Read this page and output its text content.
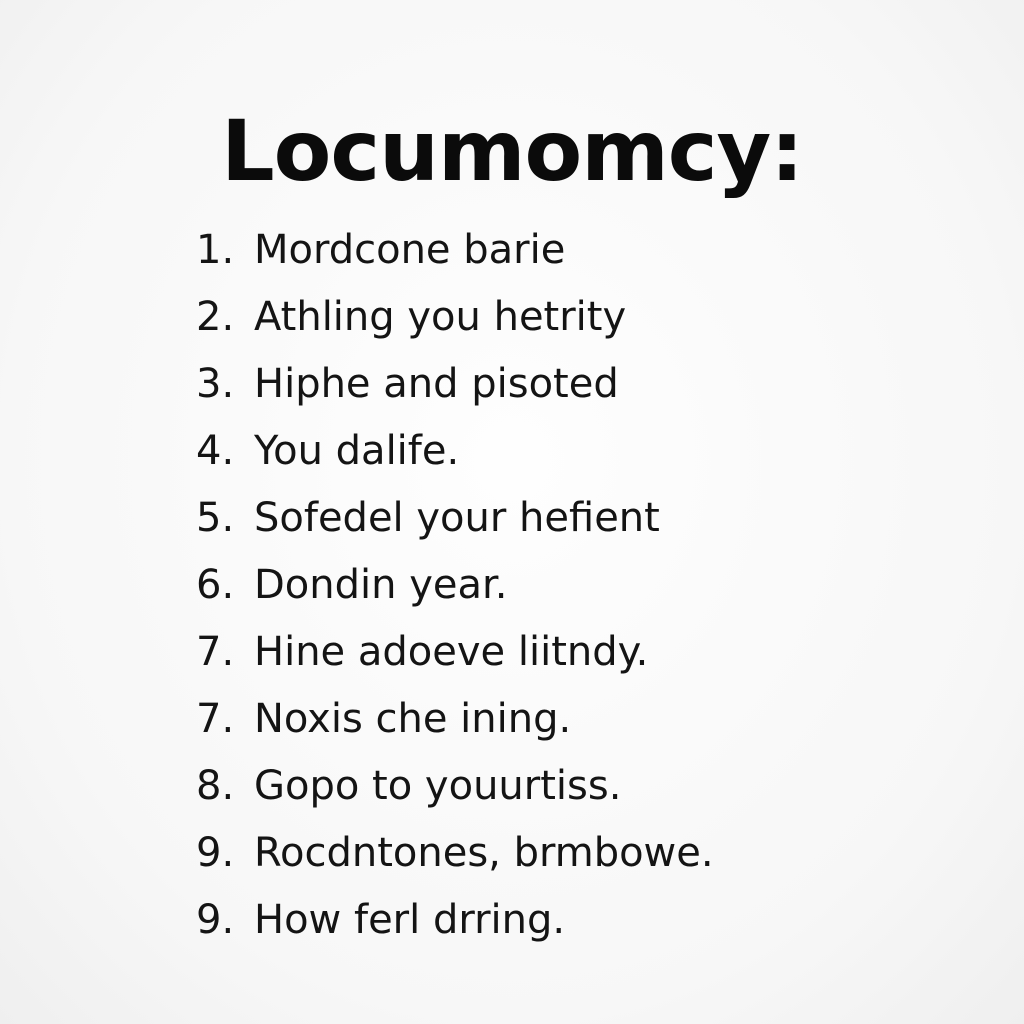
Locumomcy:
1. Mordcone barie
2. Athling you hetrity
3. Hiphe and pisoted
4. You dalife.
5. Sofedel your hefient
6. Dondin year.
7. Hine adoeve liitndy.
7. Noxis che ining.
8. Gopo to youurtiss.
9. Rocdntones, brmbowe.
9. How ferl drring.
